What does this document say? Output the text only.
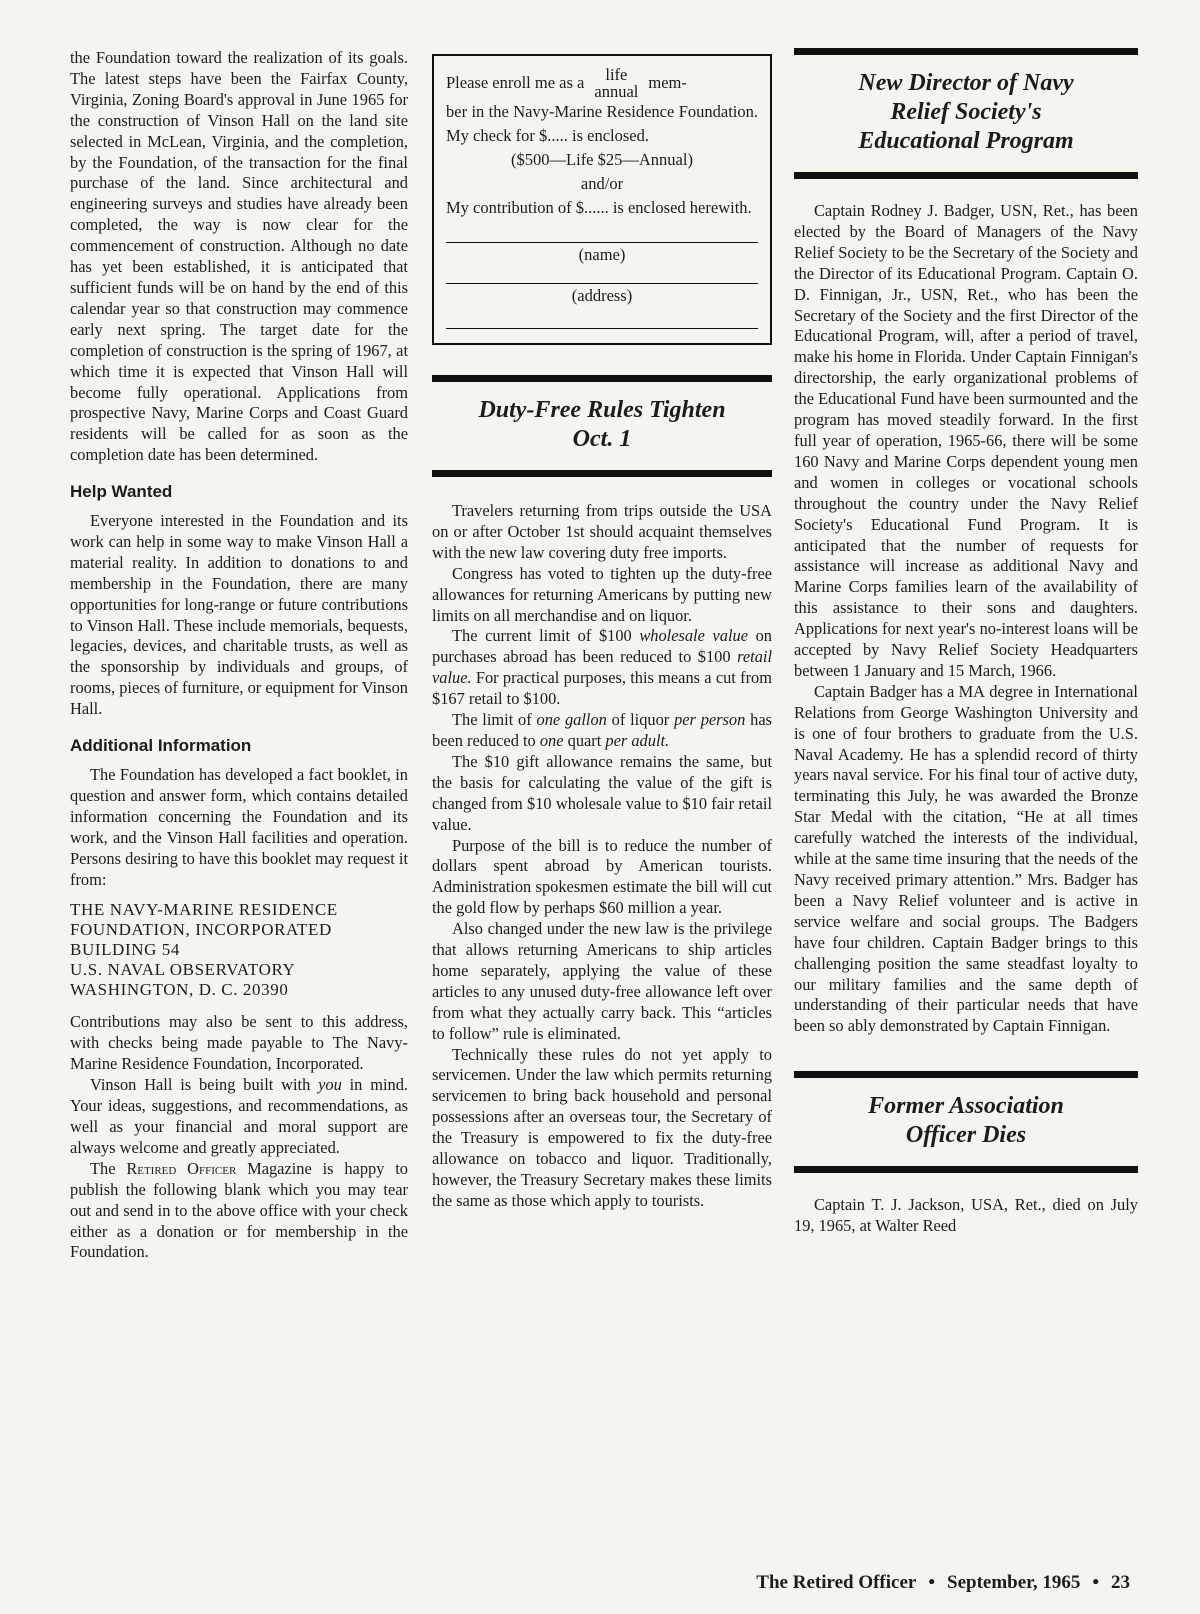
the Foundation toward the realization of its goals. The latest steps have been the Fairfax County, Virginia, Zoning Board's approval in June 1965 for the construction of Vinson Hall on the land site selected in McLean, Virginia, and the completion, by the Foundation, of the transaction for the final purchase of the land. Since architectural and engineering surveys and studies have already been completed, the way is now clear for the commencement of construction. Although no date has yet been established, it is anticipated that sufficient funds will be on hand by the end of this calendar year so that construction may commence early next spring. The target date for the completion of construction is the spring of 1967, at which time it is expected that Vinson Hall will become fully operational. Applications from prospective Navy, Marine Corps and Coast Guard residents will be called for as soon as the completion date has been determined.

Help Wanted

Everyone interested in the Foundation and its work can help in some way to make Vinson Hall a material reality. In addition to donations to and membership in the Foundation, there are many opportunities for long-range or future contributions to Vinson Hall. These include memorials, bequests, legacies, devices, and charitable trusts, as well as the sponsorship by individuals and groups, of rooms, pieces of furniture, or equipment for Vinson Hall.

Additional Information

The Foundation has developed a fact booklet, in question and answer form, which contains detailed information concerning the Foundation and its work, and the Vinson Hall facilities and operation. Persons desiring to have this booklet may request it from:

THE NAVY-MARINE RESIDENCE
FOUNDATION, INCORPORATED
BUILDING 54
U.S. NAVAL OBSERVATORY
WASHINGTON, D. C. 20390

Contributions may also be sent to this address, with checks being made payable to The Navy-Marine Residence Foundation, Incorporated.

Vinson Hall is being built with you in mind. Your ideas, suggestions, and recommendations, as well as your financial and moral support are always welcome and greatly appreciated.

The Retired Officer Magazine is happy to publish the following blank which you may tear out and send in to the above office with your check either as a donation or for membership in the Foundation.

Please enroll me as a life
annual mem-
ber in the Navy-Marine Residence Foundation. My check for $..... is enclosed.
($500—Life $25—Annual)
and/or
My contribution of $...... is enclosed herewith.
(name)
(address)
Duty-Free Rules Tighten
Oct. 1

Travelers returning from trips outside the USA on or after October 1st should acquaint themselves with the new law covering duty free imports.

Congress has voted to tighten up the duty-free allowances for returning Americans by putting new limits on all merchandise and on liquor.

The current limit of $100 wholesale value on purchases abroad has been reduced to $100 retail value. For practical purposes, this means a cut from $167 retail to $100.

The limit of one gallon of liquor per person has been reduced to one quart per adult.

The $10 gift allowance remains the same, but the basis for calculating the value of the gift is changed from $10 wholesale value to $10 fair retail value.

Purpose of the bill is to reduce the number of dollars spent abroad by American tourists. Administration spokesmen estimate the bill will cut the gold flow by perhaps $60 million a year.

Also changed under the new law is the privilege that allows returning Americans to ship articles home separately, applying the value of these articles to any unused duty-free allowance left over from what they actually carry back. This “articles to follow” rule is eliminated.

Technically these rules do not yet apply to servicemen. Under the law which permits returning servicemen to bring back household and personal possessions after an overseas tour, the Secretary of the Treasury is empowered to fix the duty-free allowance on tobacco and liquor. Traditionally, however, the Treasury Secretary makes these limits the same as those which apply to tourists.

New Director of Navy
Relief Society's
Educational Program

Captain Rodney J. Badger, USN, Ret., has been elected by the Board of Managers of the Navy Relief Society to be the Secretary of the Society and the Director of its Educational Program. Captain O. D. Finnigan, Jr., USN, Ret., who has been the Secretary of the Society and the first Director of the Educational Program, will, after a period of travel, make his home in Florida. Under Captain Finnigan's directorship, the early organizational problems of the Educational Fund have been surmounted and the program has moved steadily forward. In the first full year of operation, 1965-66, there will be some 160 Navy and Marine Corps dependent young men and women in colleges or vocational schools throughout the country under the Navy Relief Society's Educational Fund Program. It is anticipated that the number of requests for assistance will increase as additional Navy and Marine Corps families learn of the availability of this assistance to their sons and daughters. Applications for next year's no-interest loans will be accepted by Navy Relief Society Headquarters between 1 January and 15 March, 1966.

Captain Badger has a MA degree in International Relations from George Washington University and is one of four brothers to graduate from the U.S. Naval Academy. He has a splendid record of thirty years naval service. For his final tour of active duty, terminating this July, he was awarded the Bronze Star Medal with the citation, “He at all times carefully watched the interests of the individual, while at the same time insuring that the needs of the Navy received primary attention.” Mrs. Badger has been a Navy Relief volunteer and is active in service welfare and social groups. The Badgers have four children. Captain Badger brings to this challenging position the same steadfast loyalty to our military families and the same depth of understanding of their particular needs that have been so ably demonstrated by Captain Finnigan.

Former Association
Officer Dies

Captain T. J. Jackson, USA, Ret., died on July 19, 1965, at Walter Reed

The Retired Officer • September, 1965 • 23
